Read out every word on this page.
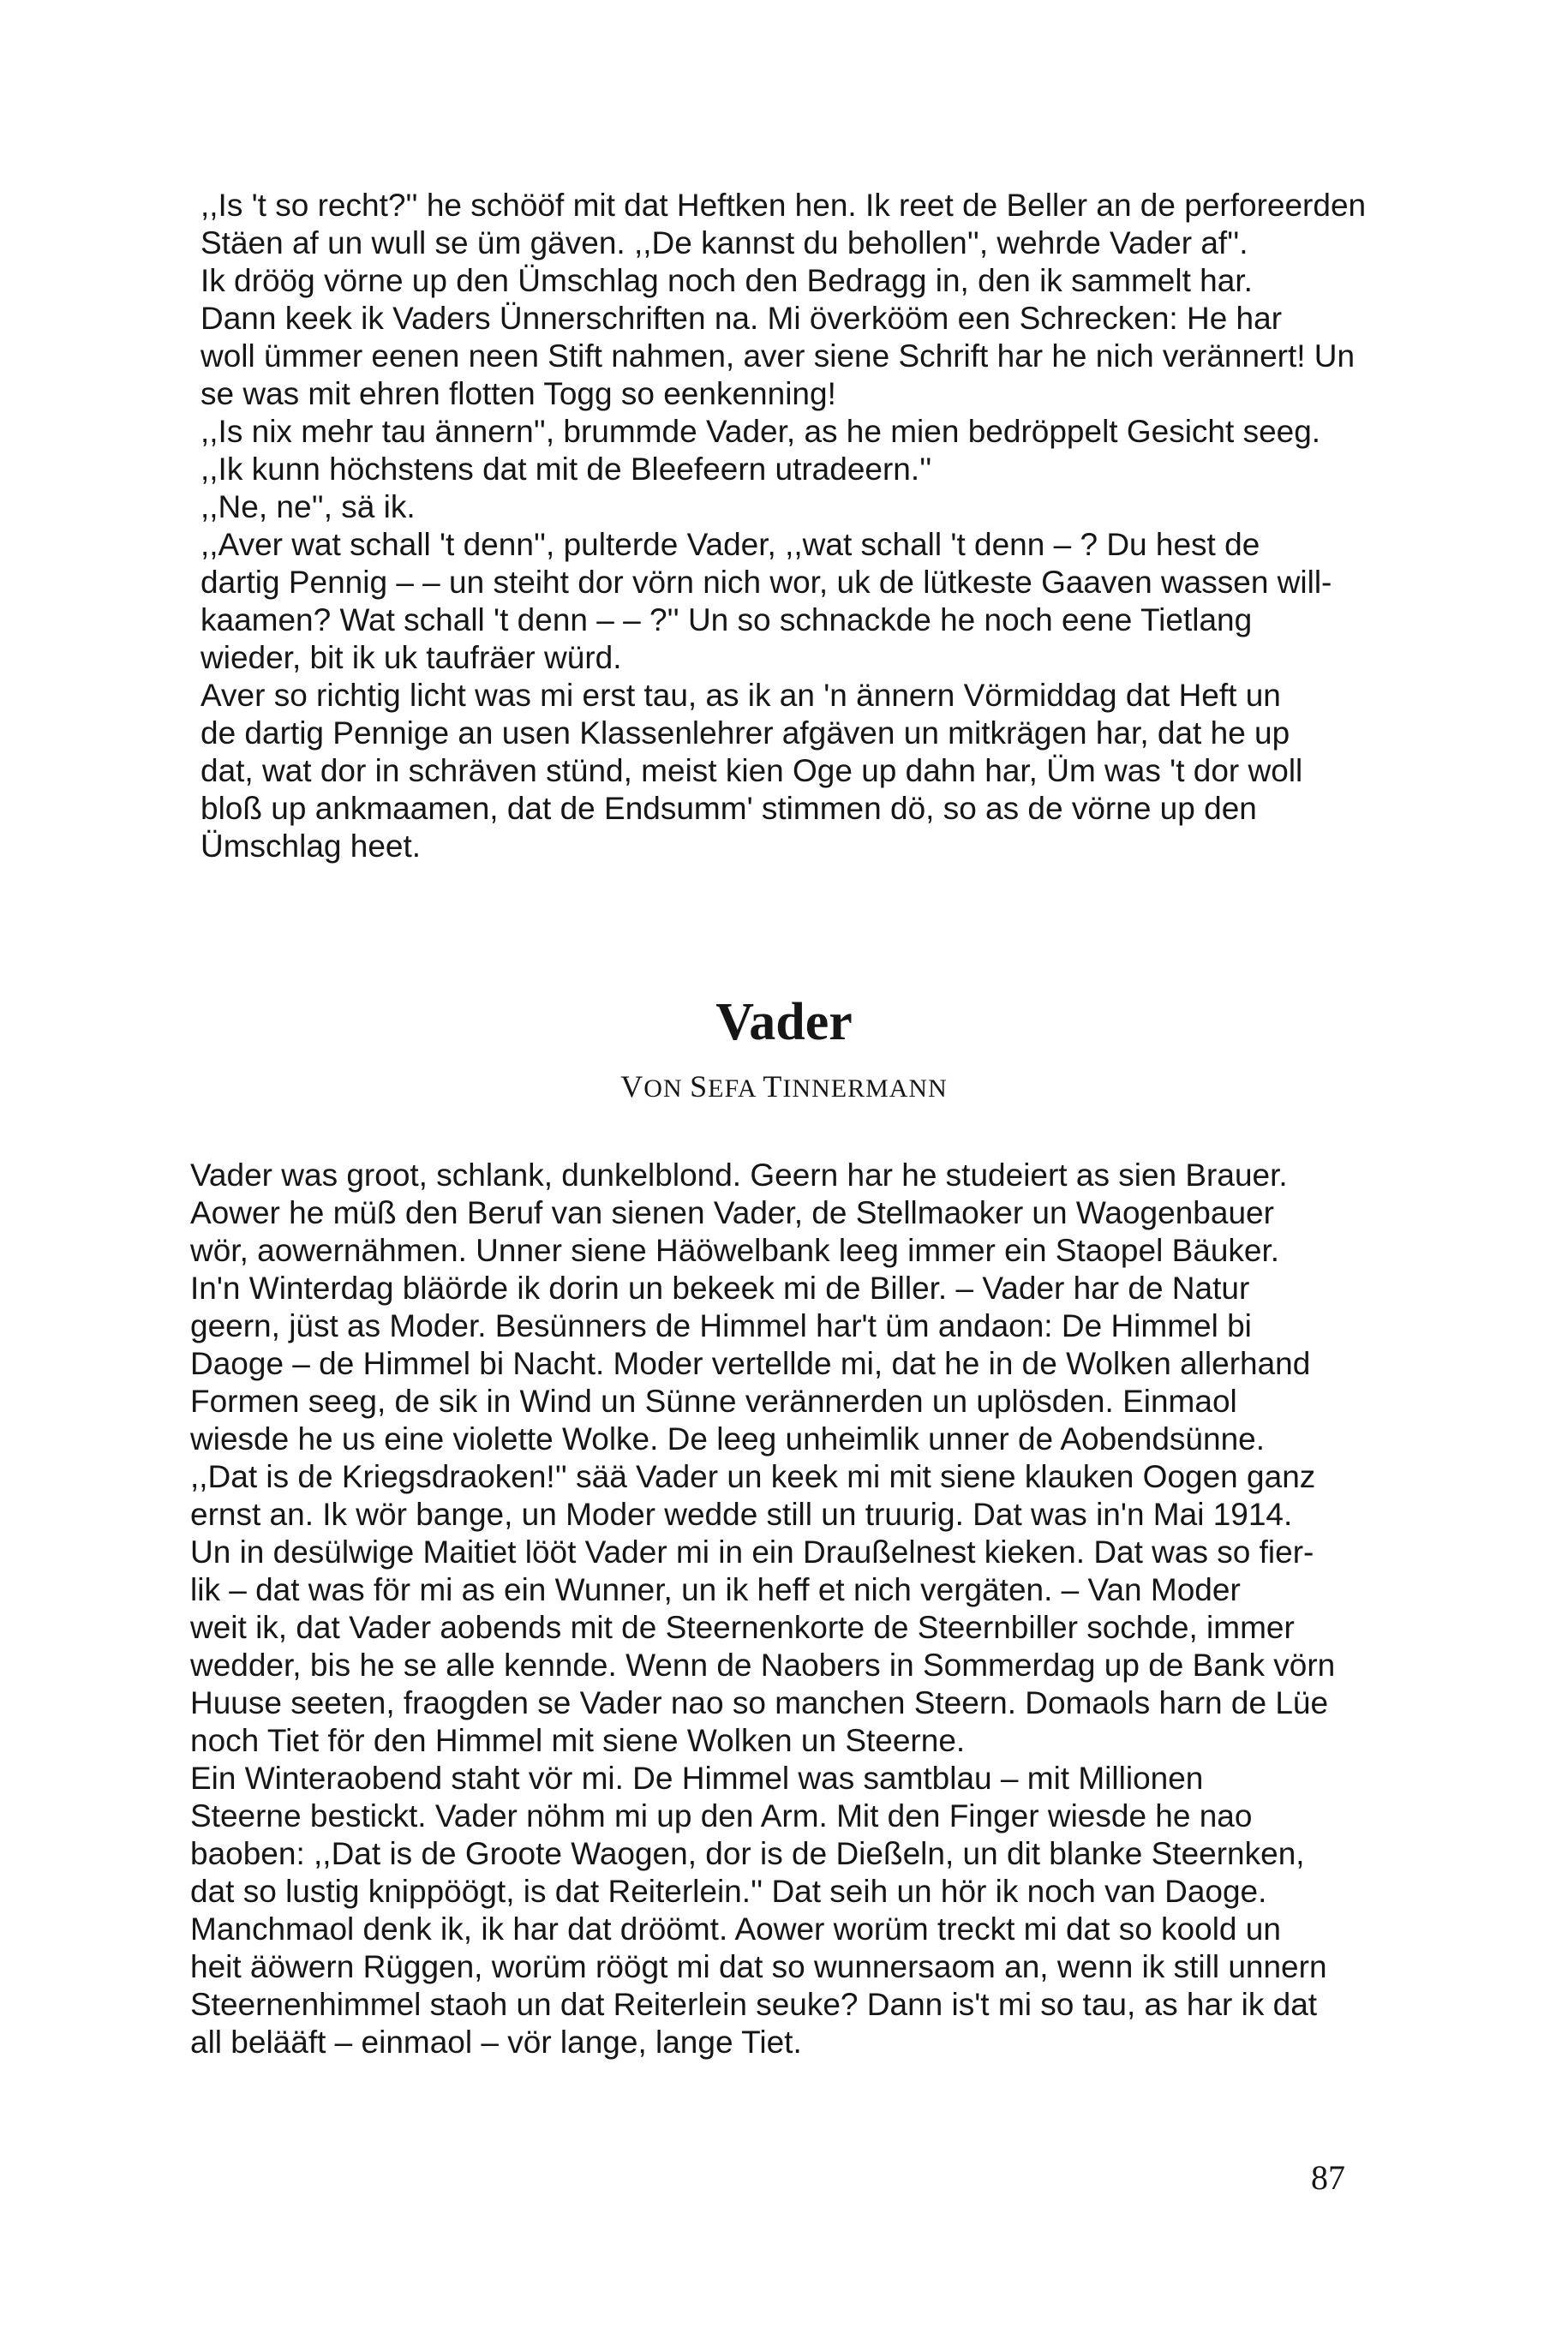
,,Is 't so recht?'' he schööf mit dat Heftken hen. Ik reet de Beller an de perforeerden
Stäen af un wull se üm gäven. ,,De kannst du behollen'', wehrde Vader af''.
Ik dröög vörne up den Ümschlag noch den Bedragg in, den ik sammelt har.
Dann keek ik Vaders Ünnerschriften na. Mi överkööm een Schrecken: He har
woll ümmer eenen neen Stift nahmen, aver siene Schrift har he nich verännert! Un
se was mit ehren flotten Togg so eenkenning!
,,Is nix mehr tau ännern'', brummde Vader, as he mien bedröppelt Gesicht seeg.
,,Ik kunn höchstens dat mit de Bleefeern utradeern.''
,,Ne, ne'', sä ik.
,,Aver wat schall 't denn'', pulterde Vader, ,,wat schall 't denn – ? Du hest de
dartig Pennig – – un steiht dor vörn nich wor, uk de lütkeste Gaaven wassen will-
kaamen? Wat schall 't denn – – ?'' Un so schnackde he noch eene Tietlang
wieder, bit ik uk taufräer würd.
Aver so richtig licht was mi erst tau, as ik an 'n ännern Vörmiddag dat Heft un
de dartig Pennige an usen Klassenlehrer afgäven un mitkrägen har, dat he up
dat, wat dor in schräven stünd, meist kien Oge up dahn har, Üm was 't dor woll
bloß up ankmaamen, dat de Endsumm' stimmen dö, so as de vörne up den
Ümschlag heet.
Vader
VON SEFA TINNERMANN
Vader was groot, schlank, dunkelblond. Geern har he studeiert as sien Brauer.
Aower he müß den Beruf van sienen Vader, de Stellmaoker un Waogenbauer
wör, aowernähmen. Unner siene Häöwelbank leeg immer ein Staopel Bäuker.
In'n Winterdag bläörde ik dorin un bekeek mi de Biller. – Vader har de Natur
geern, jüst as Moder. Besünners de Himmel har't üm andaon: De Himmel bi
Daoge – de Himmel bi Nacht. Moder vertellde mi, dat he in de Wolken allerhand
Formen seeg, de sik in Wind un Sünne verännerden un uplösden. Einmaol
wiesde he us eine violette Wolke. De leeg unheimlik unner de Aobendsünne.
,,Dat is de Kriegsdraoken!'' sää Vader un keek mi mit siene klauken Oogen ganz
ernst an. Ik wör bange, un Moder wedde still un truurig. Dat was in'n Mai 1914.
Un in desülwige Maitiet lööt Vader mi in ein Draußelnest kieken. Dat was so fier-
lik – dat was för mi as ein Wunner, un ik heff et nich vergäten. – Van Moder
weit ik, dat Vader aobends mit de Steernenkorte de Steernbiller sochde, immer
wedder, bis he se alle kennde. Wenn de Naobers in Sommerdag up de Bank vörn
Huuse seeten, fraogden se Vader nao so manchen Steern. Domaols harn de Lüe
noch Tiet för den Himmel mit siene Wolken un Steerne.
Ein Winteraobend staht vör mi. De Himmel was samtblau – mit Millionen
Steerne bestickt. Vader nöhm mi up den Arm. Mit den Finger wiesde he nao
baoben: ,,Dat is de Groote Waogen, dor is de Dießeln, un dit blanke Steernken,
dat so lustig knippöögt, is dat Reiterlein.'' Dat seih un hör ik noch van Daoge.
Manchmaol denk ik, ik har dat dröömt. Aower worüm treckt mi dat so koold un
heit äöwern Rüggen, worüm röögt mi dat so wunnersaom an, wenn ik still unnern
Steernenhimmel staoh un dat Reiterlein seuke? Dann is't mi so tau, as har ik dat
all belääft – einmaol – vör lange, lange Tiet.
87
